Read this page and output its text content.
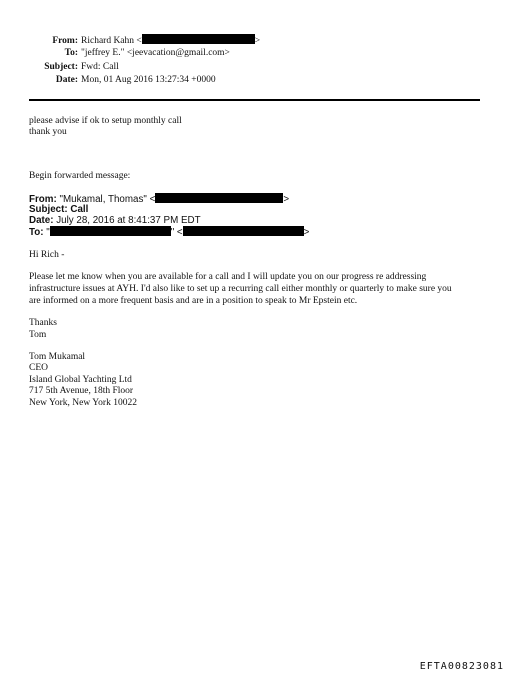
From: Richard Kahn <	>
To: "jeffrey E." <jeevacation@gmail.com>
Subject: Fwd: Call
Date: Mon, 01 Aug 2016 13:27:34 +0000
please advise if ok to setup monthly call
thank you
Begin forwarded message:
From: "Mukamal, Thomas" <	>
Subject: Call
Date: July 28, 2016 at 8:41:37 PM EDT
To: "	" <	>
Hi Rich -
Please let me know when you are available for a call and I will update you on our progress re addressing
infrastructure issues at AYH. I'd also like to set up a recurring call either monthly or quarterly to make sure you
are informed on a more frequent basis and are in a position to speak to Mr Epstein etc.
Thanks
Tom
Tom Mukamal
CEO
Island Global Yachting Ltd
717 5th Avenue, 18th Floor
New York, New York 10022
EFTA00823081
